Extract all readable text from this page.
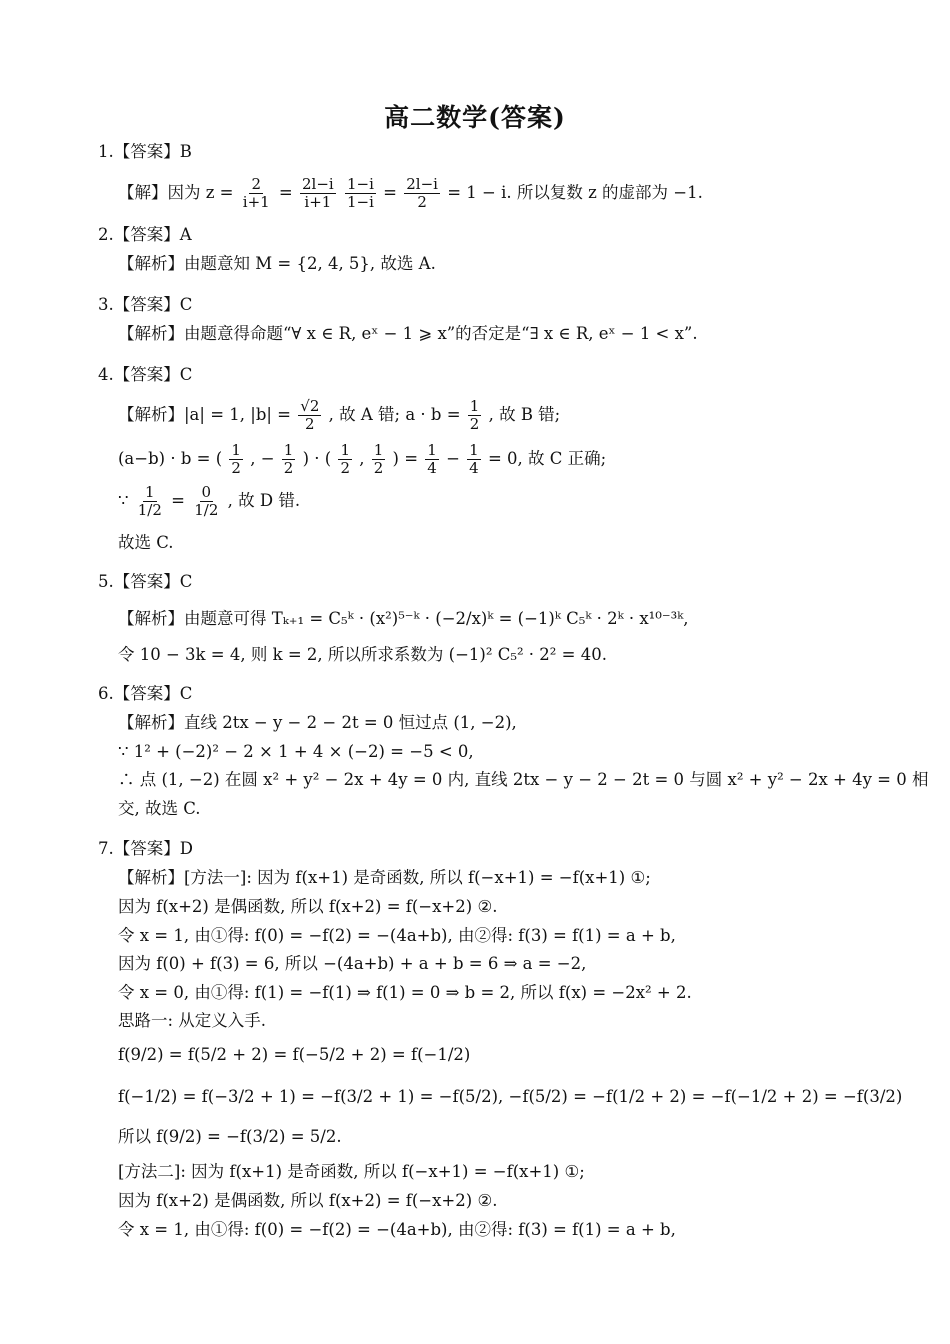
高二数学(答案)
1.【答案】B
【解】因为 $z = \frac{2}{i+1} = \frac{2l-i}{i+1}$
$\frac{1-i}{1-i} = \frac{2l-i}{2} = 1 - i$. 所以复数 z 的虚部为 −1.
2.【答案】A
【解析】由题意知 M = {2, 4, 5}, 故选 A.
3.【答案】C
【解析】由题意得命题“∀ x ∈ R, eˣ − 1 ⩾ x”的否定是“∃ x ∈ R, eˣ − 1 < x”.
4.【答案】C
【解析】|a| = 1, $|b| = \frac{√2}{2}$ , 故 A 错; $a \cdot b = \frac{1}{2}$ , 故 B 错;
(a−b) · b = ( $\frac{1}{2}$ , − $\frac{1}{2}$ ) · ( $\frac{1}{2}$ , $\frac{1}{2}$ ) = $\frac{1}{4} - \frac{1}{4} = 0$, 故 C 正确;
∵ $\frac{1}{1/2} = \frac{0}{1/2}$ , 故 D 错.
故选 C.
5.【答案】C
【解析】由题意可得 Tₖ₊₁ = C₅ᵏ · (x²)⁵⁻ᵏ · (−2/x)ᵏ = (−1)ᵏ C₅ᵏ · 2ᵏ · x¹⁰⁻³ᵏ,
令 10 − 3k = 4, 则 k = 2, 所以所求系数为 (−1)² C₅² · 2² = 40.
6.【答案】C
【解析】直线 2tx − y − 2 − 2t = 0 恒过点 (1, −2),
∵ 1² + (−2)² − 2 × 1 + 4 × (−2) = −5 < 0,
∴ 点 (1, −2) 在圆 x² + y² − 2x + 4y = 0 内, 直线 2tx − y − 2 − 2t = 0 与圆 x² + y² − 2x + 4y = 0 相
交, 故选 C.
7.【答案】D
【解析】[方法一]: 因为 f(x+1) 是奇函数, 所以 f(−x+1) = −f(x+1) ①;
因为 f(x+2) 是偶函数, 所以 f(x+2) = f(−x+2) ②.
令 x = 1, 由①得: f(0) = −f(2) = −(4a+b), 由②得: f(3) = f(1) = a + b,
因为 f(0) + f(3) = 6, 所以 −(4a+b) + a + b = 6 ⇒ a = −2,
令 x = 0, 由①得: f(1) = −f(1) ⇒ f(1) = 0 ⇒ b = 2, 所以 f(x) = −2x² + 2.
思路一: 从定义入手.
f(9/2) = f(5/2 + 2) = f(−5/2 + 2) = f(−1/2)
f(−1/2) = f(−3/2 + 1) = −f(3/2 + 1) = −f(5/2), −f(5/2) = −f(1/2 + 2) = −f(−1/2 + 2) = −f(3/2)
所以 f(9/2) = −f(3/2) = 5/2.
[方法二]: 因为 f(x+1) 是奇函数, 所以 f(−x+1) = −f(x+1) ①;
因为 f(x+2) 是偶函数, 所以 f(x+2) = f(−x+2) ②.
令 x = 1, 由①得: f(0) = −f(2) = −(4a+b), 由②得: f(3) = f(1) = a + b,
